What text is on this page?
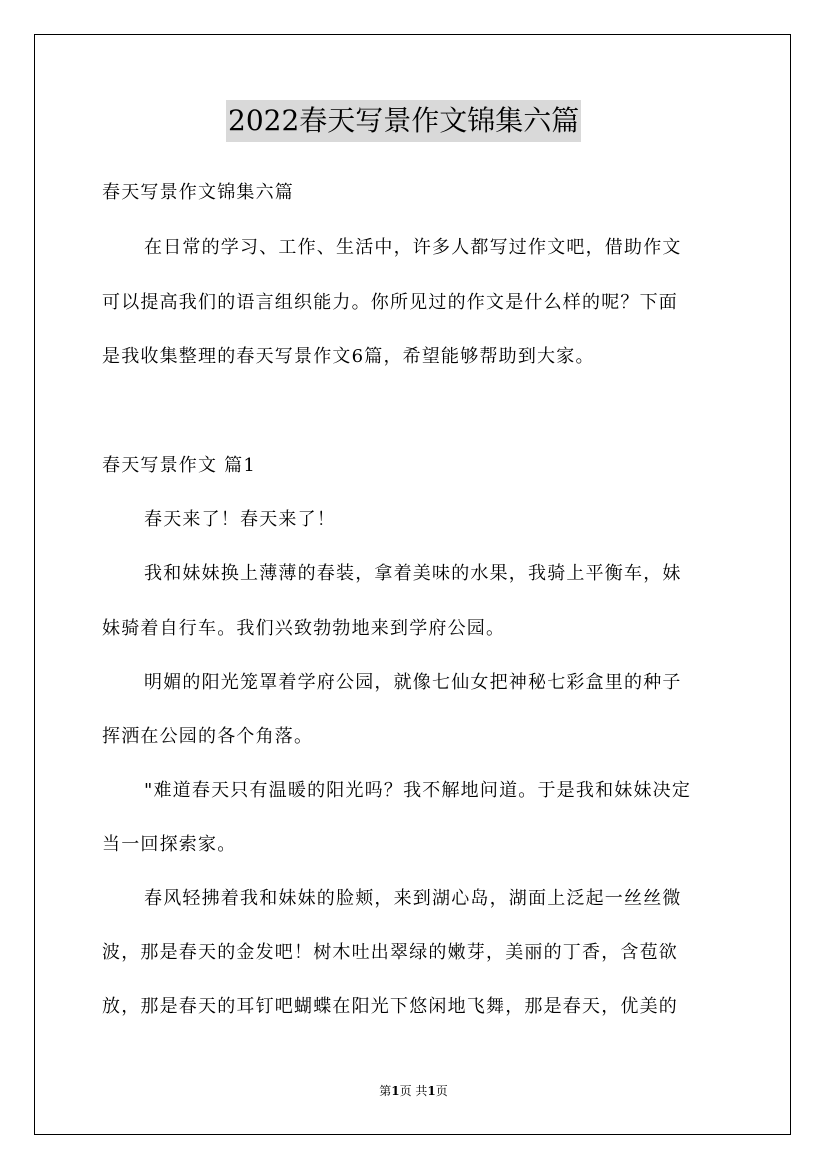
2022春天写景作文锦集六篇
春天写景作文锦集六篇
在日常的学习、工作、生活中，许多人都写过作文吧，借助作文
可以提高我们的语言组织能力。你所见过的作文是什么样的呢？下面
是我收集整理的春天写景作文6篇，希望能够帮助到大家。
春天写景作文 篇1
春天来了！春天来了！
我和妹妹换上薄薄的春装，拿着美味的水果，我骑上平衡车，妹
妹骑着自行车。我们兴致勃勃地来到学府公园。
明媚的阳光笼罩着学府公园，就像七仙女把神秘七彩盒里的种子
挥洒在公园的各个角落。
"难道春天只有温暖的阳光吗？我不解地问道。于是我和妹妹决定
当一回探索家。
春风轻拂着我和妹妹的脸颊，来到湖心岛，湖面上泛起一丝丝微
波，那是春天的金发吧！树木吐出翠绿的嫩芽，美丽的丁香，含苞欲
放，那是春天的耳钉吧蝴蝶在阳光下悠闲地飞舞，那是春天，优美的
第1页 共1页
